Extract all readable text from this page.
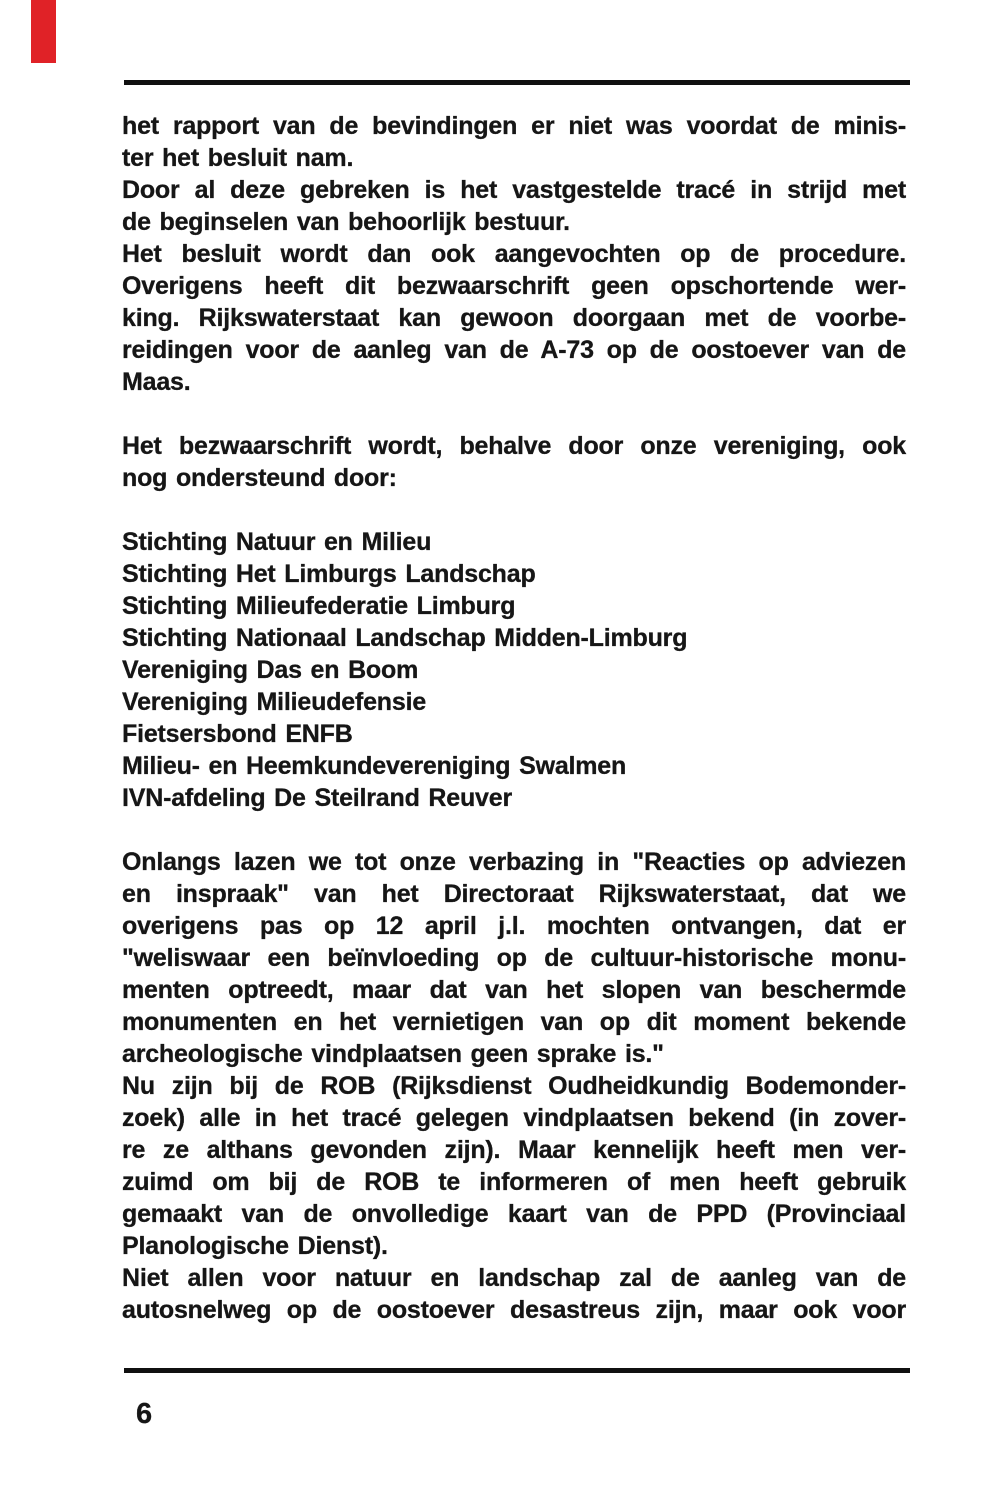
het rapport van de bevindingen er niet was voordat de minis-
ter het besluit nam.
Door al deze gebreken is het vastgestelde tracé in strijd met
de beginselen van behoorlijk bestuur.
Het besluit wordt dan ook aangevochten op de procedure.
Overigens heeft dit bezwaarschrift geen opschortende wer-
king. Rijkswaterstaat kan gewoon doorgaan met de voorbe-
reidingen voor de aanleg van de A-73 op de oostoever van de
Maas.
Het bezwaarschrift wordt, behalve door onze vereniging, ook
nog ondersteund door:
Stichting Natuur en Milieu
Stichting Het Limburgs Landschap
Stichting Milieufederatie Limburg
Stichting Nationaal Landschap Midden-Limburg
Vereniging Das en Boom
Vereniging Milieudefensie
Fietsersbond ENFB
Milieu- en Heemkundevereniging Swalmen
IVN-afdeling De Steilrand Reuver
Onlangs lazen we tot onze verbazing in "Reacties op adviezen
en inspraak" van het Directoraat Rijkswaterstaat, dat we
overigens pas op 12 april j.l. mochten ontvangen, dat er
"weliswaar een beïnvloeding op de cultuur-historische monu-
menten optreedt, maar dat van het slopen van beschermde
monumenten en het vernietigen van op dit moment bekende
archeologische vindplaatsen geen sprake is."
Nu zijn bij de ROB (Rijksdienst Oudheidkundig Bodemonder-
zoek) alle in het tracé gelegen vindplaatsen bekend (in zover-
re ze althans gevonden zijn). Maar kennelijk heeft men ver-
zuimd om bij de ROB te informeren of men heeft gebruik
gemaakt van de onvolledige kaart van de PPD (Provinciaal
Planologische Dienst).
Niet allen voor natuur en landschap zal de aanleg van de
autosnelweg op de oostoever desastreus zijn, maar ook voor
6
